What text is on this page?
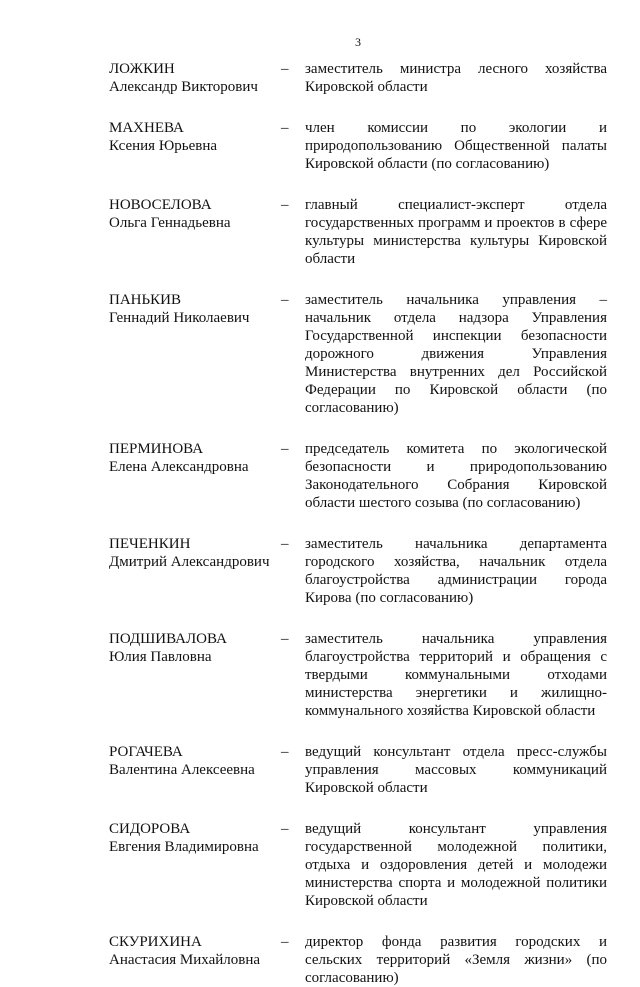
3
ЛОЖКИН
Александр Викторович
–	заместитель министра лесного хозяйства Кировской области
МАХНЕВА
Ксения Юрьевна
–	член комиссии по экологии и природопользованию Общественной палаты Кировской области (по согласованию)
НОВОСЕЛОВА
Ольга Геннадьевна
–	главный специалист-эксперт отдела государственных программ и проектов в сфере культуры министерства культуры Кировской области
ПАНЬКИВ
Геннадий Николаевич
–	заместитель начальника управления – начальник отдела надзора Управления Государственной инспекции безопасности дорожного движения Управления Министерства внутренних дел Российской Федерации по Кировской области (по согласованию)
ПЕРМИНОВА
Елена Александровна
–	председатель комитета по экологической безопасности и природопользованию Законодательного Собрания Кировской области шестого созыва (по согласованию)
ПЕЧЕНКИН
Дмитрий Александрович
–	заместитель начальника департамента городского хозяйства, начальник отдела благоустройства администрации города Кирова (по согласованию)
ПОДШИВАЛОВА
Юлия Павловна
–	заместитель начальника управления благоустройства территорий и обращения с твердыми коммунальными отходами министерства энергетики и жилищно-коммунального хозяйства Кировской области
РОГАЧЕВА
Валентина Алексеевна
–	ведущий консультант отдела пресс-службы управления массовых коммуникаций Кировской области
СИДОРОВА
Евгения Владимировна
–	ведущий консультант управления государственной молодежной политики, отдыха и оздоровления детей и молодежи министерства спорта и молодежной политики Кировской области
СКУРИХИНА
Анастасия Михайловна
–	директор фонда развития городских и сельских территорий «Земля жизни» (по согласованию)
